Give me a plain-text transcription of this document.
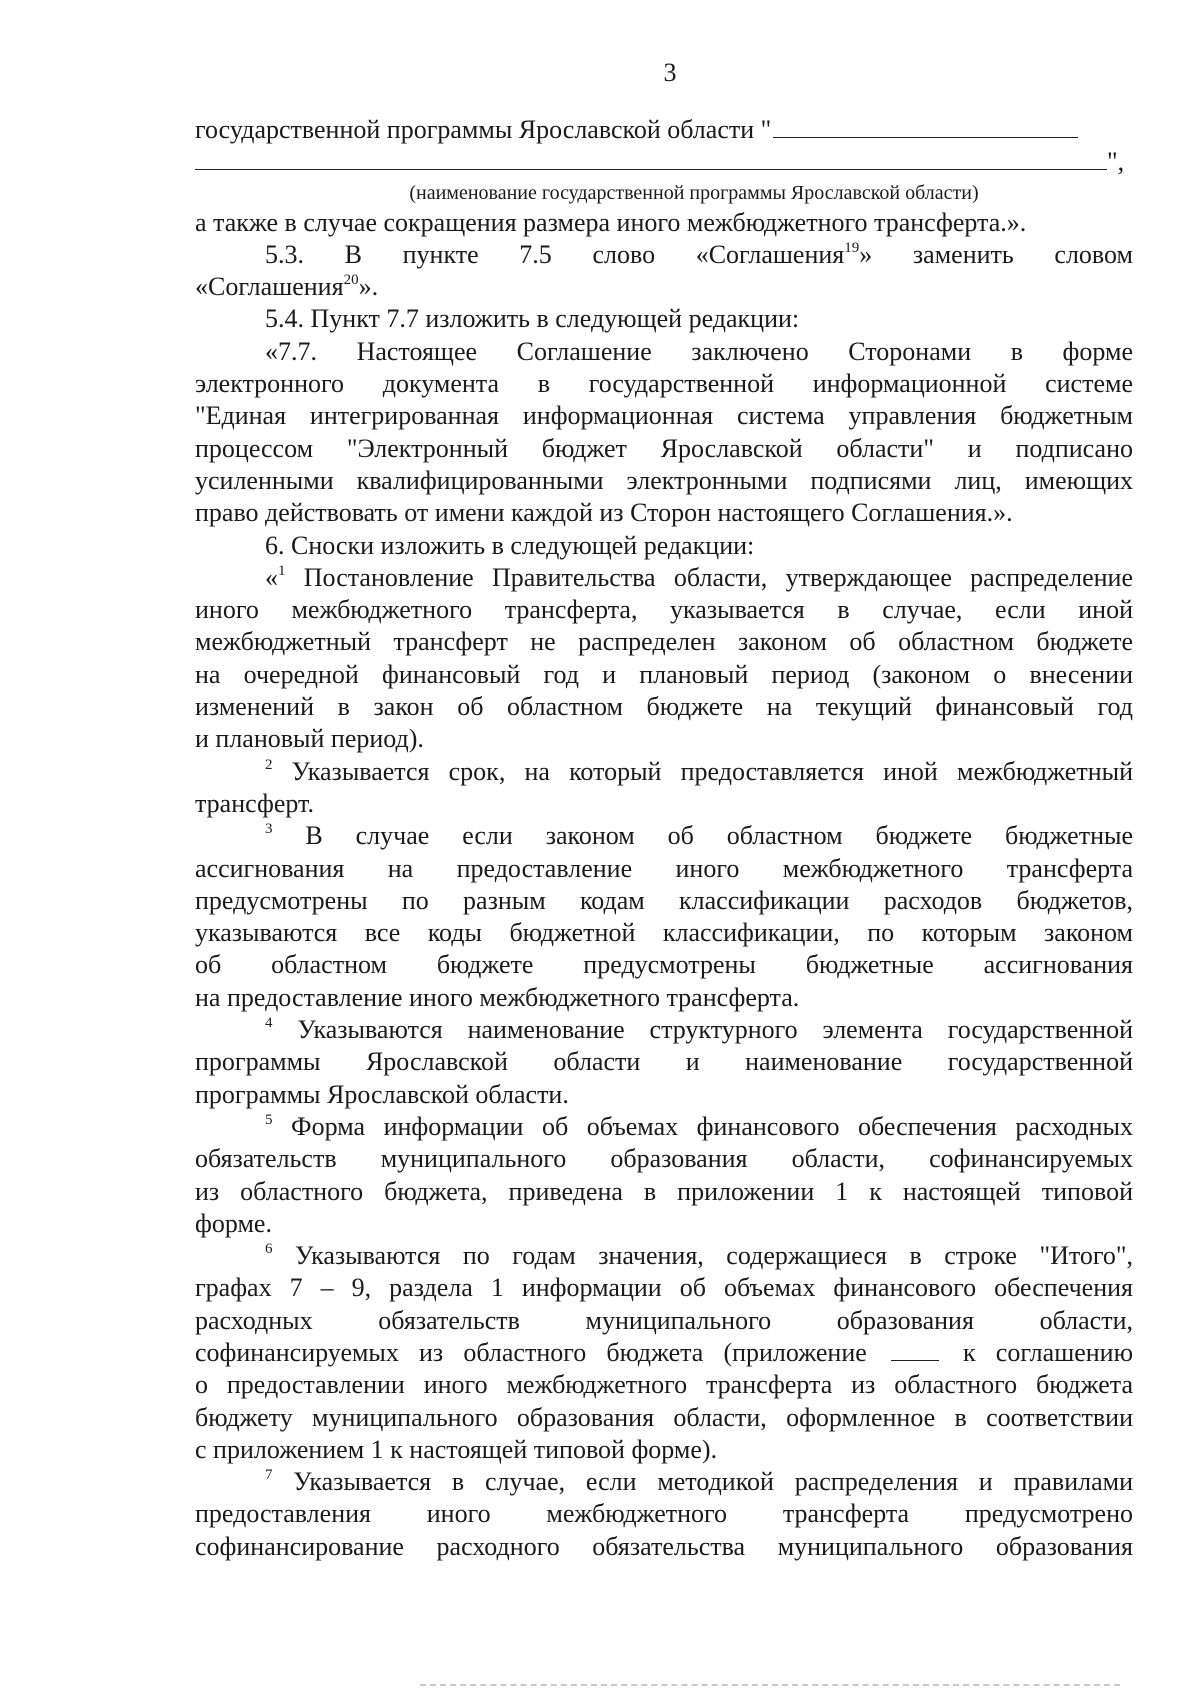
3
государственной программы Ярославской области "
",
(наименование государственной программы Ярославской области)
а также в случае сокращения размера иного межбюджетного трансферта.».
5.3. В пункте 7.5 слово «Соглашения$^{19}$» заменить словом
«Соглашения$^{20}$».
5.4. Пункт 7.7 изложить в следующей редакции:
«7.7. Настоящее Соглашение заключено Сторонами в форме
электронного документа в государственной информационной системе
"Единая интегрированная информационная система управления бюджетным
процессом "Электронный бюджет Ярославской области" и подписано
усиленными квалифицированными электронными подписями лиц, имеющих
право действовать от имени каждой из Сторон настоящего Соглашения.».
6. Сноски изложить в следующей редакции:
«$^1$ Постановление Правительства области, утверждающее распределение
иного межбюджетного трансферта, указывается в случае, если иной
межбюджетный трансферт не распределен законом об областном бюджете
на очередной финансовый год и плановый период (законом о внесении
изменений в закон об областном бюджете на текущий финансовый год
и плановый период).
$^2$ Указывается срок, на который предоставляется иной межбюджетный
трансферт.
$^3$ В случае если законом об областном бюджете бюджетные
ассигнования на предоставление иного межбюджетного трансферта
предусмотрены по разным кодам классификации расходов бюджетов,
указываются все коды бюджетной классификации, по которым законом
об областном бюджете предусмотрены бюджетные ассигнования
на предоставление иного межбюджетного трансферта.
$^4$ Указываются наименование структурного элемента государственной
программы Ярославской области и наименование государственной
программы Ярославской области.
$^5$ Форма информации об объемах финансового обеспечения расходных
обязательств муниципального образования области, софинансируемых
из областного бюджета, приведена в приложении 1 к настоящей типовой
форме.
$^6$ Указываются по годам значения, содержащиеся в строке "Итого",
графах 7 – 9, раздела 1 информации об объемах финансового обеспечения
расходных обязательств муниципального образования области,
софинансируемых из областного бюджета (приложение	к соглашению
о предоставлении иного межбюджетного трансферта из областного бюджета
бюджету муниципального образования области, оформленное в соответствии
с приложением 1 к настоящей типовой форме).
$^7$ Указывается в случае, если методикой распределения и правилами
предоставления иного межбюджетного трансферта предусмотрено
софинансирование расходного обязательства муниципального образования
